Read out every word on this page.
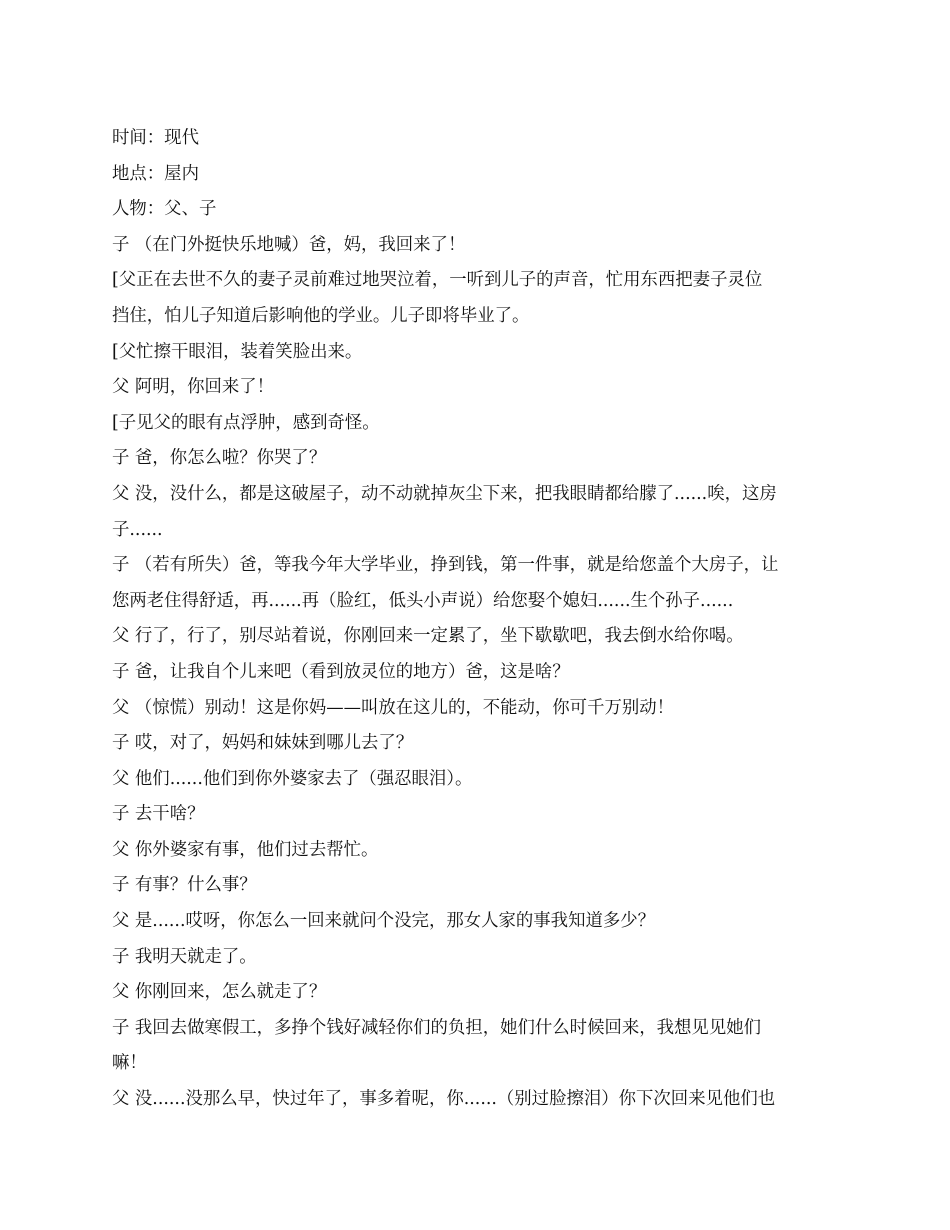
时间：现代
地点：屋内
人物：父、子
子 （在门外挺快乐地喊）爸，妈，我回来了！
[父正在去世不久的妻子灵前难过地哭泣着，一听到儿子的声音，忙用东西把妻子灵位
挡住，怕儿子知道后影响他的学业。儿子即将毕业了。
[父忙擦干眼泪，装着笑脸出来。
父 阿明，你回来了！
[子见父的眼有点浮肿，感到奇怪。
子 爸，你怎么啦？你哭了？
父 没，没什么，都是这破屋子，动不动就掉灰尘下来，把我眼睛都给朦了......唉，这房
子......
子 （若有所失）爸，等我今年大学毕业，挣到钱，第一件事，就是给您盖个大房子，让
您两老住得舒适，再......再（脸红，低头小声说）给您娶个媳妇......生个孙子......
父 行了，行了，别尽站着说，你刚回来一定累了，坐下歇歇吧，我去倒水给你喝。
子 爸，让我自个儿来吧（看到放灵位的地方）爸，这是啥？
父 （惊慌）别动！这是你妈——叫放在这儿的，不能动，你可千万别动！
子 哎，对了，妈妈和妹妹到哪儿去了？
父 他们......他们到你外婆家去了（强忍眼泪）。
子 去干啥？
父 你外婆家有事，他们过去帮忙。
子 有事？什么事？
父 是......哎呀，你怎么一回来就问个没完，那女人家的事我知道多少？
子 我明天就走了。
父 你刚回来，怎么就走了？
子 我回去做寒假工，多挣个钱好减轻你们的负担，她们什么时候回来，我想见见她们
嘛！
父 没......没那么早，快过年了，事多着呢，你......（别过脸擦泪）你下次回来见他们也
